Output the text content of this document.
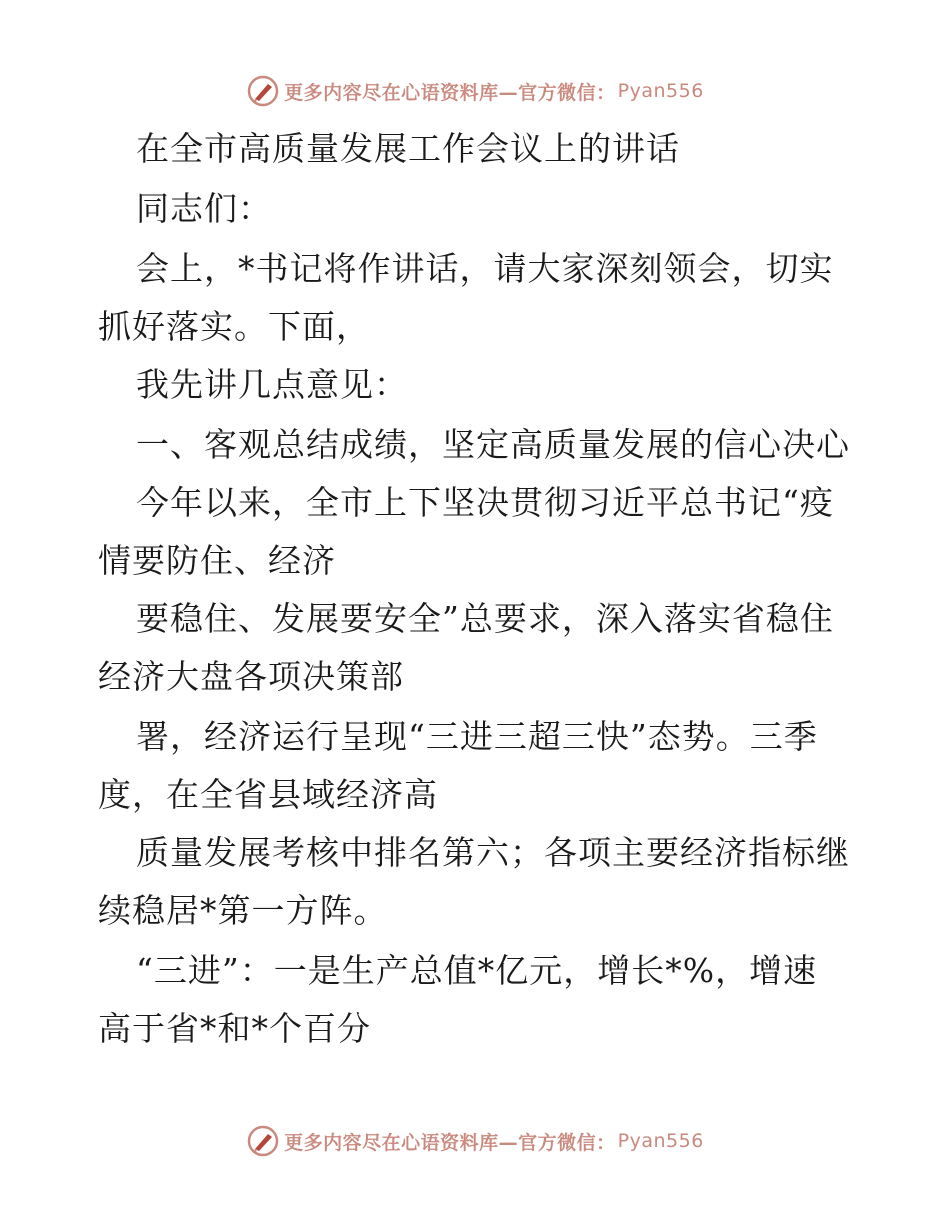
更多内容尽在心语资料库—官方微信： Pyan556
在全市高质量发展工作会议上的讲话
同志们：
会上，*书记将作讲话，请大家深刻领会，切实
抓好落实。下面，
我先讲几点意见：
一、客观总结成绩，坚定高质量发展的信心决心
今年以来，全市上下坚决贯彻习近平总书记“疫
情要防住、经济
要稳住、发展要安全”总要求，深入落实省稳住
经济大盘各项决策部
署，经济运行呈现“三进三超三快”态势。三季
度，在全省县域经济高
质量发展考核中排名第六；各项主要经济指标继
续稳居*第一方阵。
“三进”：一是生产总值*亿元，增长*%，增速
高于省*和*个百分
更多内容尽在心语资料库—官方微信： Pyan556
